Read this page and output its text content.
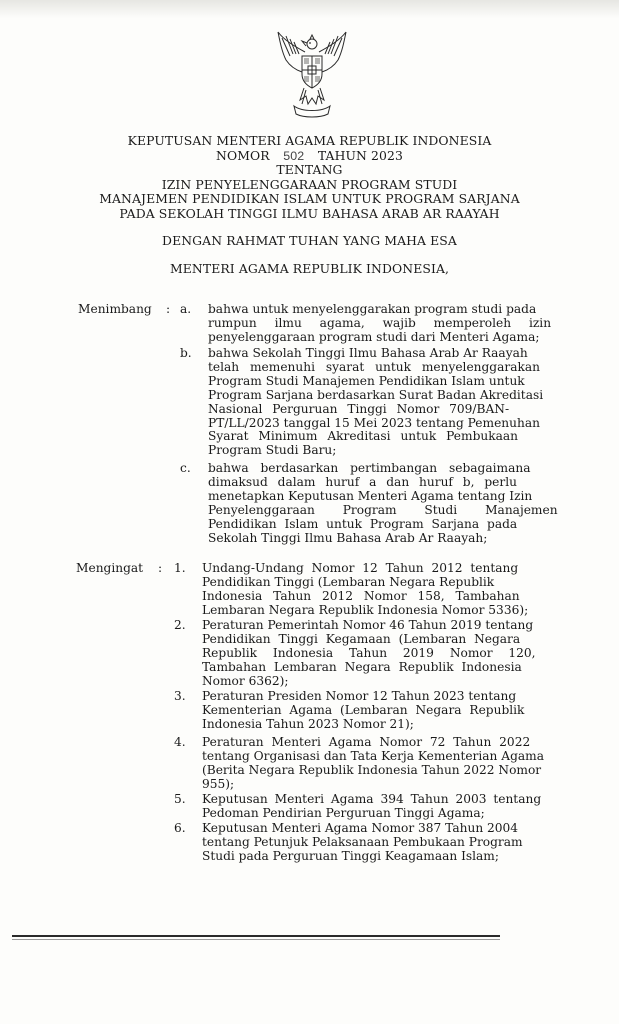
KEPUTUSAN MENTERI AGAMA REPUBLIK INDONESIA
NOMOR 502 TAHUN 2023
TENTANG
IZIN PENYELENGGARAAN PROGRAM STUDI
MANAJEMEN PENDIDIKAN ISLAM UNTUK PROGRAM SARJANA
PADA SEKOLAH TINGGI ILMU BAHASA ARAB AR RAAYAH
DENGAN RAHMAT TUHAN YANG MAHA ESA
MENTERI AGAMA REPUBLIK INDONESIA,
Menimbang : a. bahwa untuk menyelenggarakan program studi pada
rumpun ilmu agama, wajib memperoleh izin
penyelenggaraan program studi dari Menteri Agama;
b. bahwa Sekolah Tinggi Ilmu Bahasa Arab Ar Raayah
telah memenuhi syarat untuk menyelenggarakan
Program Studi Manajemen Pendidikan Islam untuk
Program Sarjana berdasarkan Surat Badan Akreditasi
Nasional Perguruan Tinggi Nomor 709/BAN-
PT/LL/2023 tanggal 15 Mei 2023 tentang Pemenuhan
Syarat Minimum Akreditasi untuk Pembukaan
Program Studi Baru;
c. bahwa berdasarkan pertimbangan sebagaimana
dimaksud dalam huruf a dan huruf b, perlu
menetapkan Keputusan Menteri Agama tentang Izin
Penyelenggaraan Program Studi Manajemen
Pendidikan Islam untuk Program Sarjana pada
Sekolah Tinggi Ilmu Bahasa Arab Ar Raayah;
Mengingat : 1. Undang-Undang Nomor 12 Tahun 2012 tentang
Pendidikan Tinggi (Lembaran Negara Republik
Indonesia Tahun 2012 Nomor 158, Tambahan
Lembaran Negara Republik Indonesia Nomor 5336);
2. Peraturan Pemerintah Nomor 46 Tahun 2019 tentang
Pendidikan Tinggi Kegamaan (Lembaran Negara
Republik Indonesia Tahun 2019 Nomor 120,
Tambahan Lembaran Negara Republik Indonesia
Nomor 6362);
3. Peraturan Presiden Nomor 12 Tahun 2023 tentang
Kementerian Agama (Lembaran Negara Republik
Indonesia Tahun 2023 Nomor 21);
4. Peraturan Menteri Agama Nomor 72 Tahun 2022
tentang Organisasi dan Tata Kerja Kementerian Agama
(Berita Negara Republik Indonesia Tahun 2022 Nomor
955);
5. Keputusan Menteri Agama 394 Tahun 2003 tentang
Pedoman Pendirian Perguruan Tinggi Agama;
6. Keputusan Menteri Agama Nomor 387 Tahun 2004
tentang Petunjuk Pelaksanaan Pembukaan Program
Studi pada Perguruan Tinggi Keagamaan Islam;
